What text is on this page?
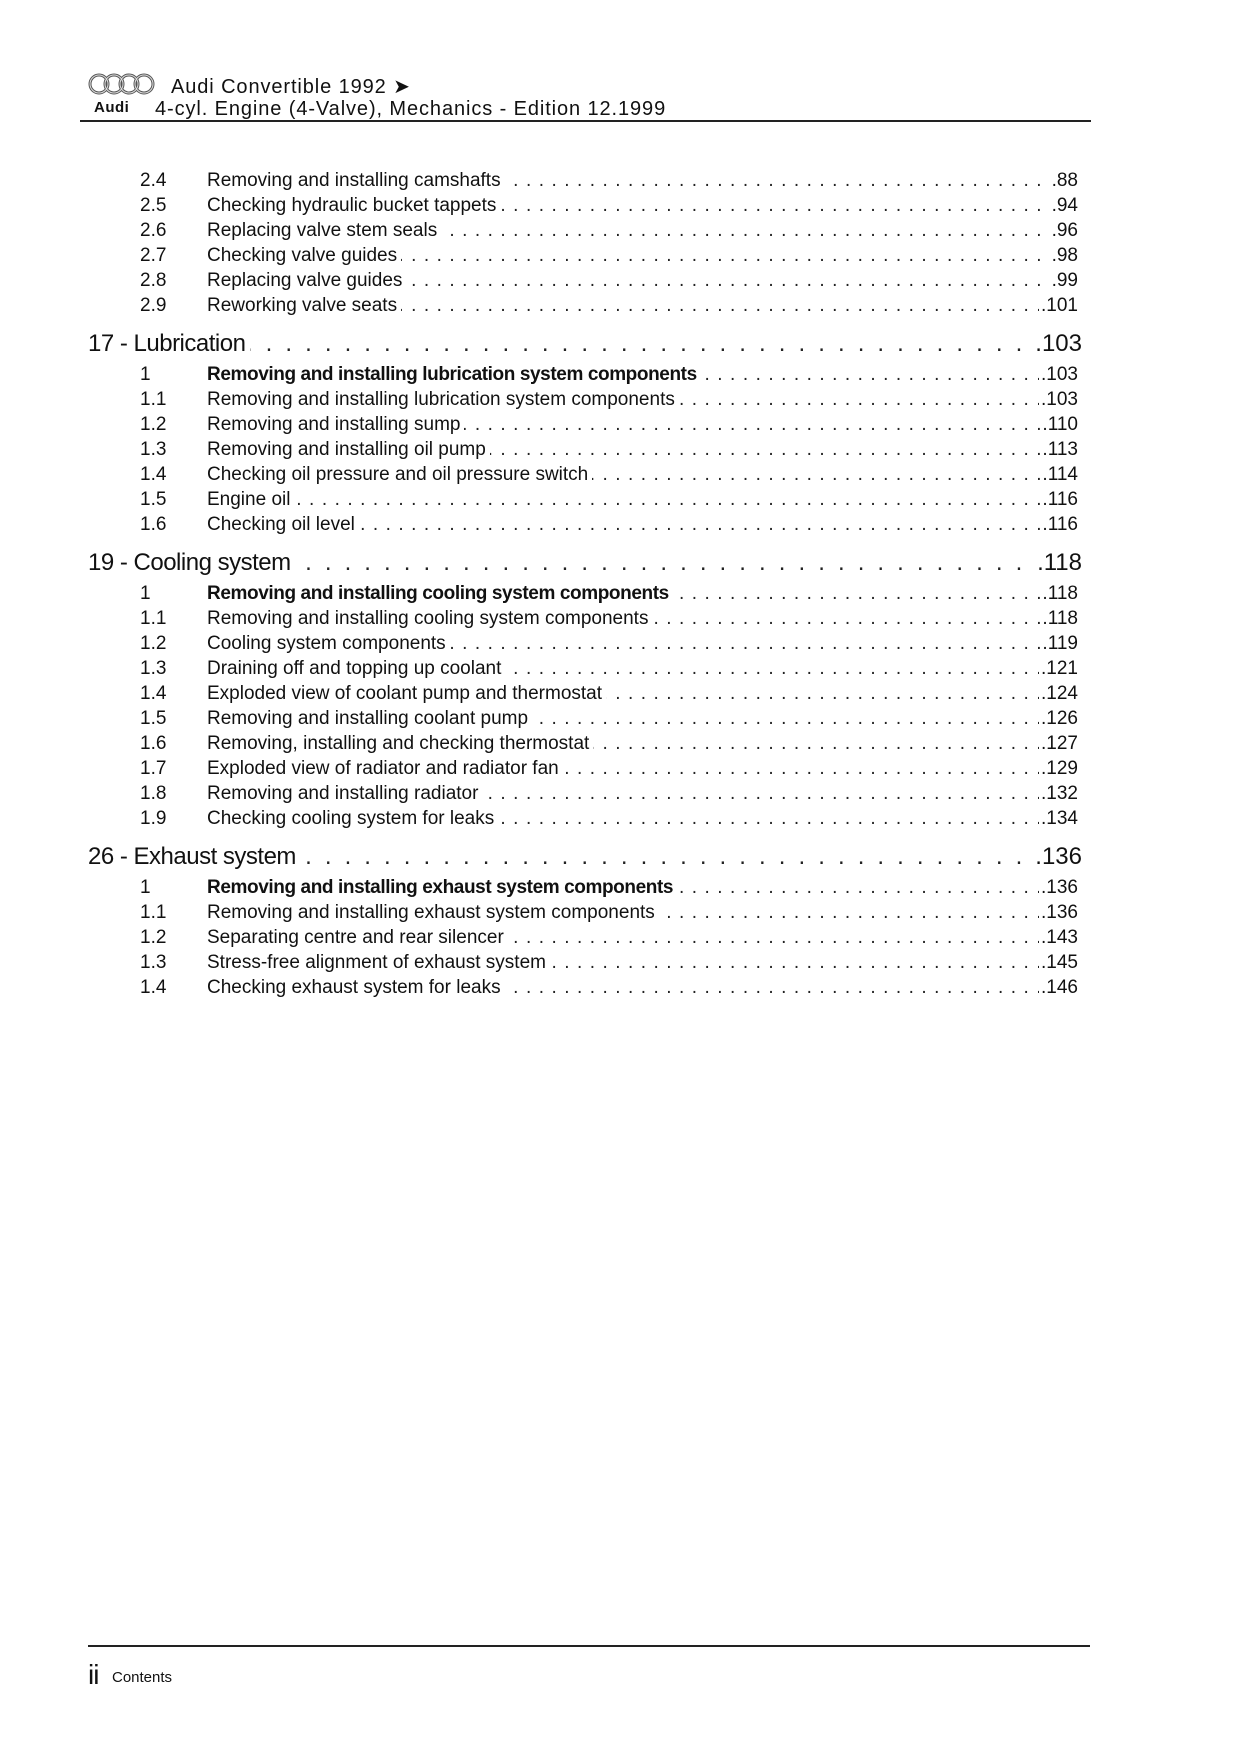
Audi
Audi Convertible 1992 ➤
4-cyl. Engine (4-Valve), Mechanics - Edition 12.1999
2.4 Removing and installing camshafts . . .	. 88
2.5 Checking hydraulic bucket tappets . . .	. 94
2.6 Replacing valve stem seals . . .	. 96
2.7 Checking valve guides . . .	. 98
2.8 Replacing valve guides . . .	. 99
2.9 Reworking valve seats . . .	. 101
17 - Lubrication . . .	. 103
1	Removing and installing lubrication system components . . .	. 103
1.1 Removing and installing lubrication system components . . .	. 103
1.2 Removing and installing sump . . .	. 110
1.3 Removing and installing oil pump . . .	. 113
1.4 Checking oil pressure and oil pressure switch . . .	. 114
1.5 Engine oil . . .	. 116
1.6 Checking oil level . . .	. 116
19 - Cooling system . . .	. 118
1	Removing and installing cooling system components . . .	. 118
1.1 Removing and installing cooling system components . . .	. 118
1.2 Cooling system components . . .	. 119
1.3 Draining off and topping up coolant . . .	. 121
1.4 Exploded view of coolant pump and thermostat . . .	. 124
1.5 Removing and installing coolant pump . . .	. 126
1.6 Removing, installing and checking thermostat . . .	. 127
1.7 Exploded view of radiator and radiator fan . . .	. 129
1.8 Removing and installing radiator . . .	. 132
1.9 Checking cooling system for leaks . . .	. 134
26 - Exhaust system . . .	. 136
1	Removing and installing exhaust system components . . .	. 136
1.1 Removing and installing exhaust system components . . .	. 136
1.2 Separating centre and rear silencer . . .	. 143
1.3 Stress-free alignment of exhaust system . . .	. 145
1.4 Checking exhaust system for leaks . . .	. 146
ii Contents
